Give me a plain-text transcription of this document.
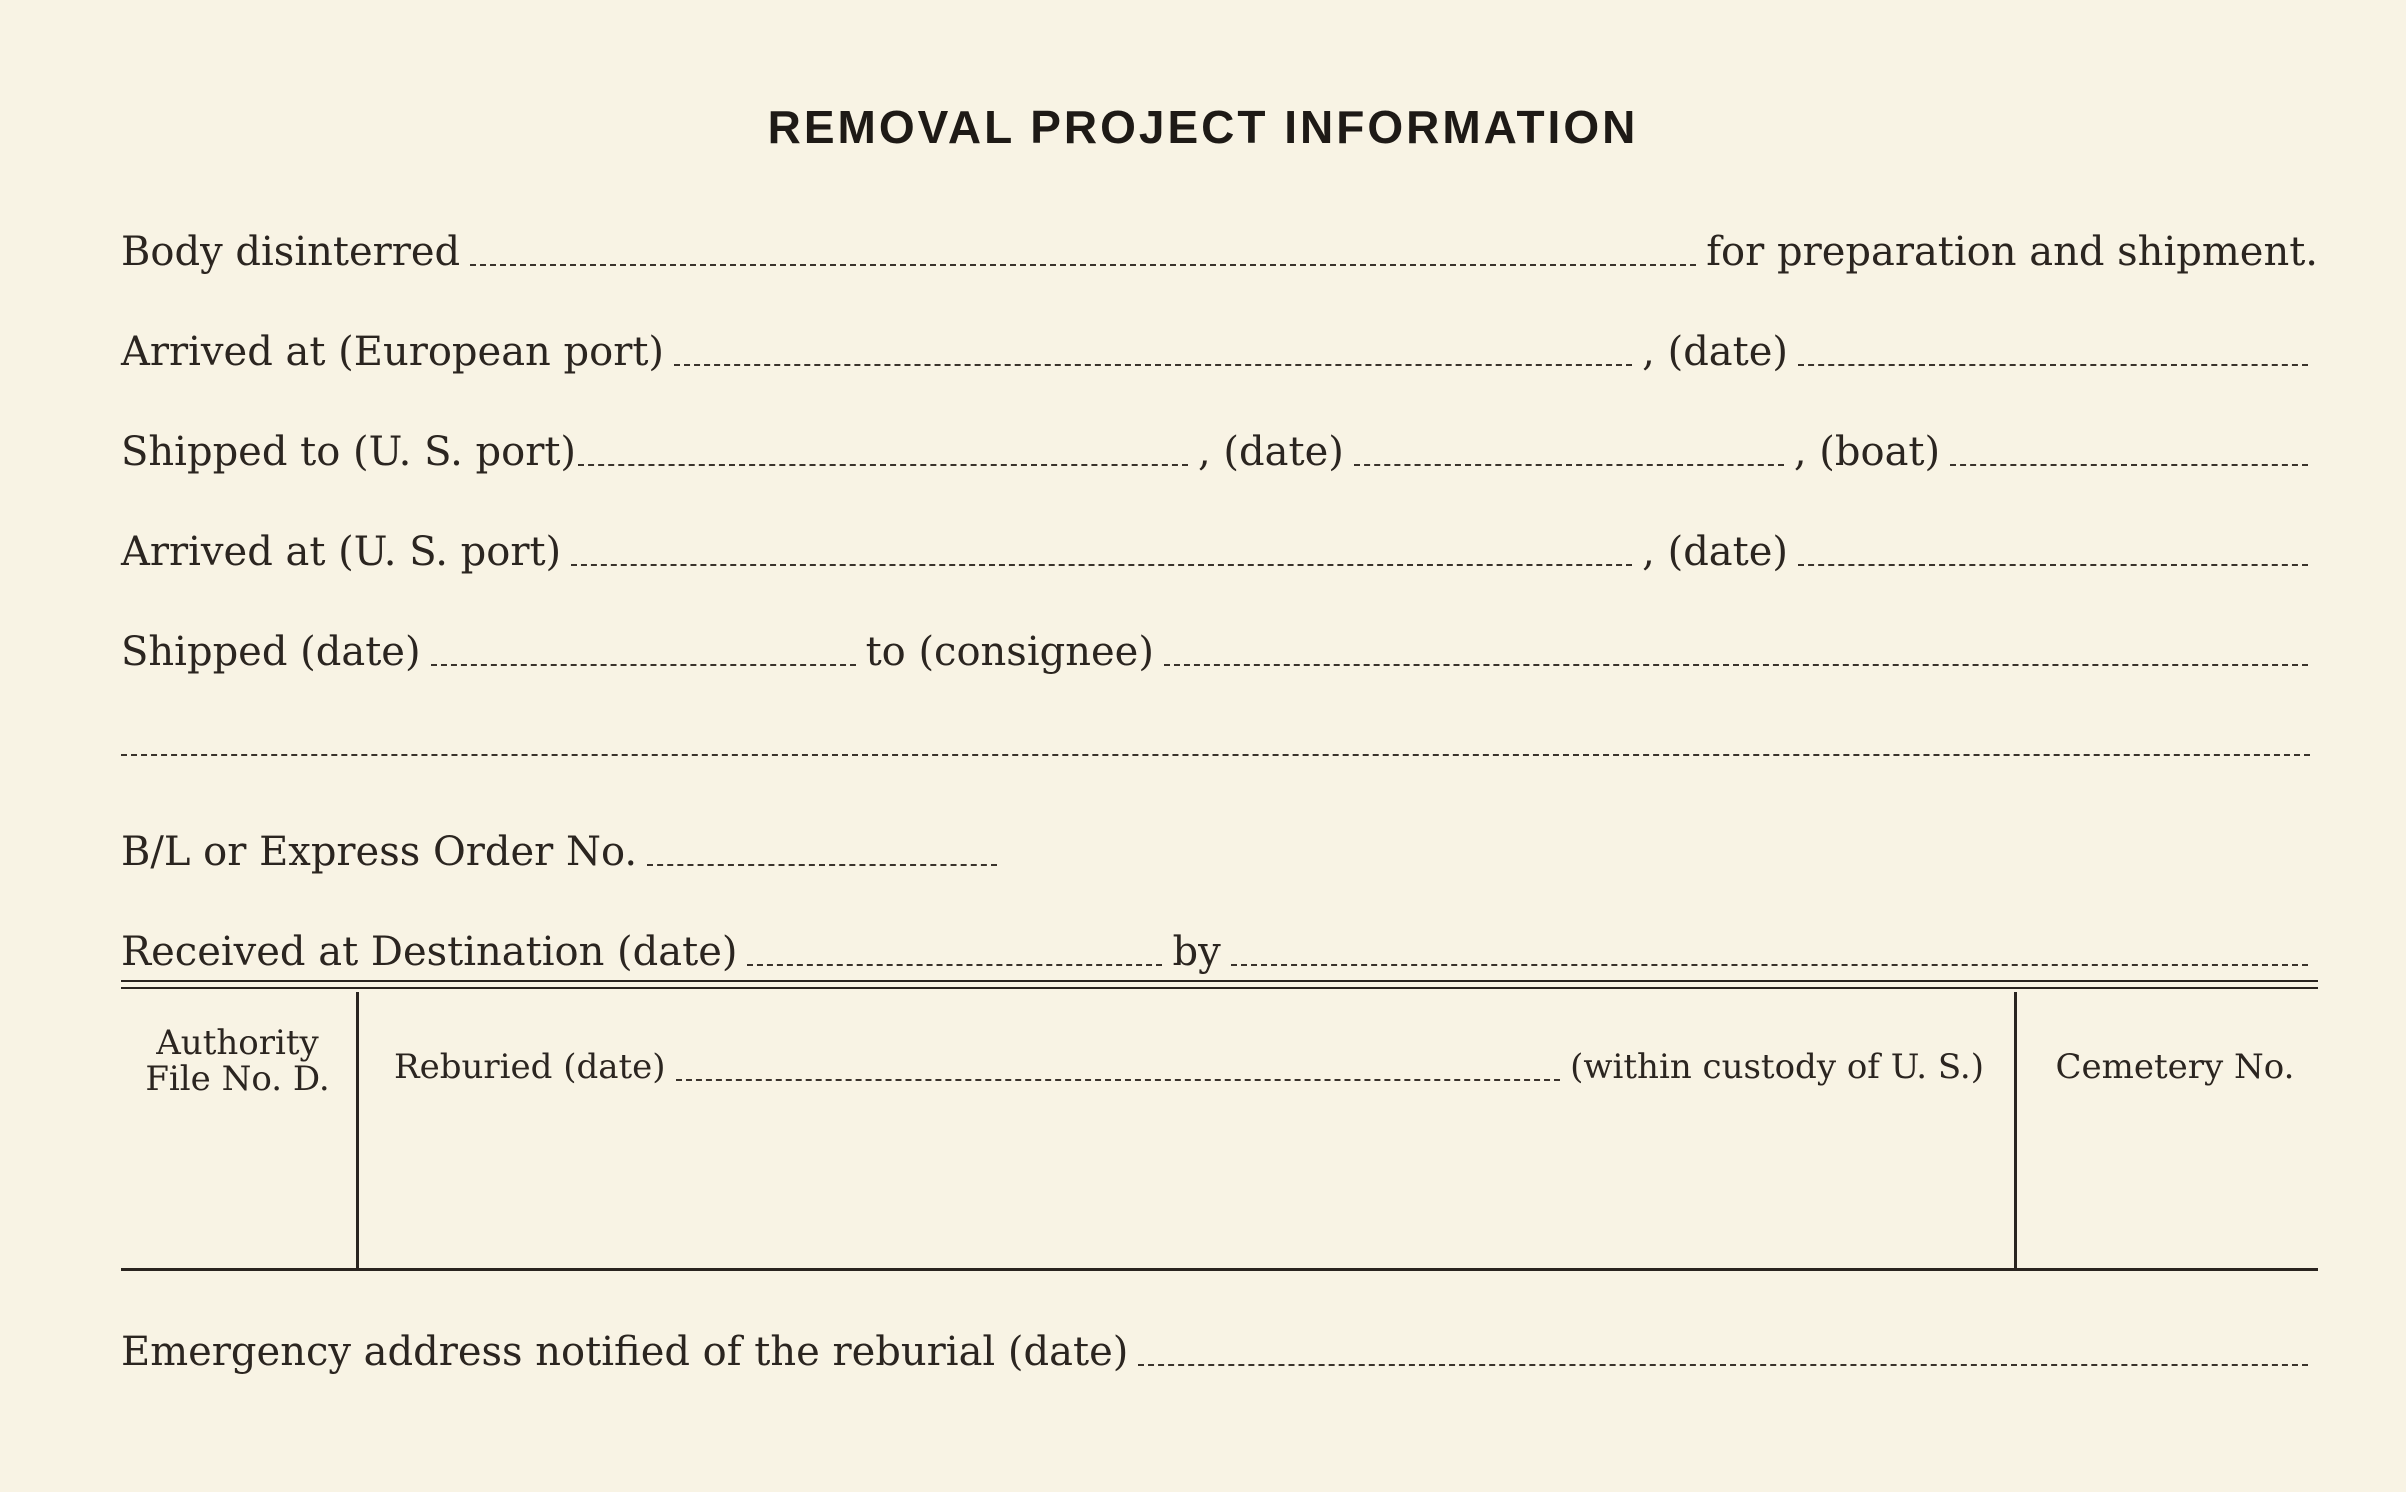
REMOVAL PROJECT INFORMATION
Body disinterred	for preparation and shipment.
Arrived at (European port)	, (date)
Shipped to (U. S. port)	, (date)	, (boat)
Arrived at (U. S. port)	, (date)
Shipped (date)	to (consignee)
B/L or Express Order No.
Received at Destination (date)	by
Authority
File No. D.	Reburied (date)	(within custody of U. S.)	Cemetery No.
Emergency address notified of the reburial (date)
